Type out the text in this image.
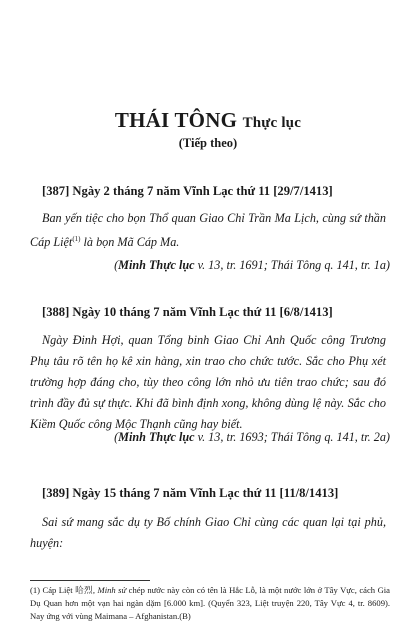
THÁI TÔNG Thực lục
(Tiếp theo)
[387] Ngày 2 tháng 7 năm Vĩnh Lạc thứ 11 [29/7/1413]

Ban yến tiệc cho bọn Thổ quan Giao Chỉ Trần Ma Lịch, cùng sứ thần Cáp Liệt$^{(1)}$ là bọn Mã Cáp Ma.

(Minh Thực lục v. 13, tr. 1691; Thái Tông q. 141, tr. 1a)
[388] Ngày 10 tháng 7 năm Vĩnh Lạc thứ 11 [6/8/1413]

Ngày Đinh Hợi, quan Tổng binh Giao Chỉ Anh Quốc công Trương Phụ tâu rõ tên họ kê xin hàng, xin trao cho chức tước. Sắc cho Phụ xét trường hợp đáng cho, tùy theo công lớn nhỏ ưu tiên trao chức; sau đó trình đầy đủ sự thực. Khi đã bình định xong, không dùng lệ này. Sắc cho Kiềm Quốc công Mộc Thạnh cũng hay biết.

(Minh Thực lục v. 13, tr. 1693; Thái Tông q. 141, tr. 2a)
[389] Ngày 15 tháng 7 năm Vĩnh Lạc thứ 11 [11/8/1413]

Sai sứ mang sắc dụ ty Bố chính Giao Chỉ cùng các quan lại tại phủ, huyện:

(1) Cáp Liệt 哈烈, Minh sử chép nước này còn có tên là Hắc Lỗ, là một nước lớn ở Tây Vực, cách Gia Dụ Quan hơn một vạn hai ngàn dặm [6.000 km]. (Quyển 323, Liệt truyện 220, Tây Vực 4, tr. 8609). Nay ứng với vùng Maimana – Afghanistan.(B)
